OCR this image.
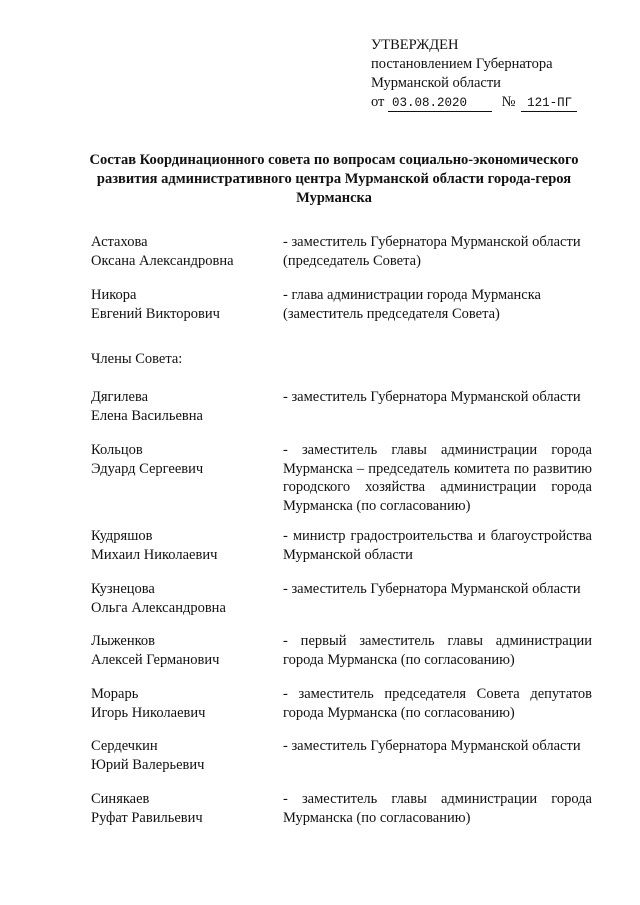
УТВЕРЖДЕН
постановлением Губернатора
Мурманской области
от 03.08.2020 № 121-ПГ
Состав Координационного совета по вопросам социально-экономического развития административного центра Мурманской области города-героя Мурманска
Астахова
Оксана Александровна
- заместитель Губернатора Мурманской области (председатель Совета)
Никора
Евгений Викторович
- глава администрации города Мурманска (заместитель председателя Совета)
Члены Совета:
Дягилева
Елена Васильевна
- заместитель Губернатора Мурманской области
Кольцов
Эдуард Сергеевич
- заместитель главы администрации города Мурманска – председатель комитета по развитию городского хозяйства администрации города Мурманска (по согласованию)
Кудряшов
Михаил Николаевич
- министр градостроительства и благоустройства Мурманской области
Кузнецова
Ольга Александровна
- заместитель Губернатора Мурманской области
Лыженков
Алексей Германович
- первый заместитель главы администрации города Мурманска (по согласованию)
Морарь
Игорь Николаевич
- заместитель председателя Совета депутатов города Мурманска (по согласованию)
Сердечкин
Юрий Валерьевич
- заместитель Губернатора Мурманской области
Синякаев
Руфат Равильевич
- заместитель главы администрации города Мурманска (по согласованию)
